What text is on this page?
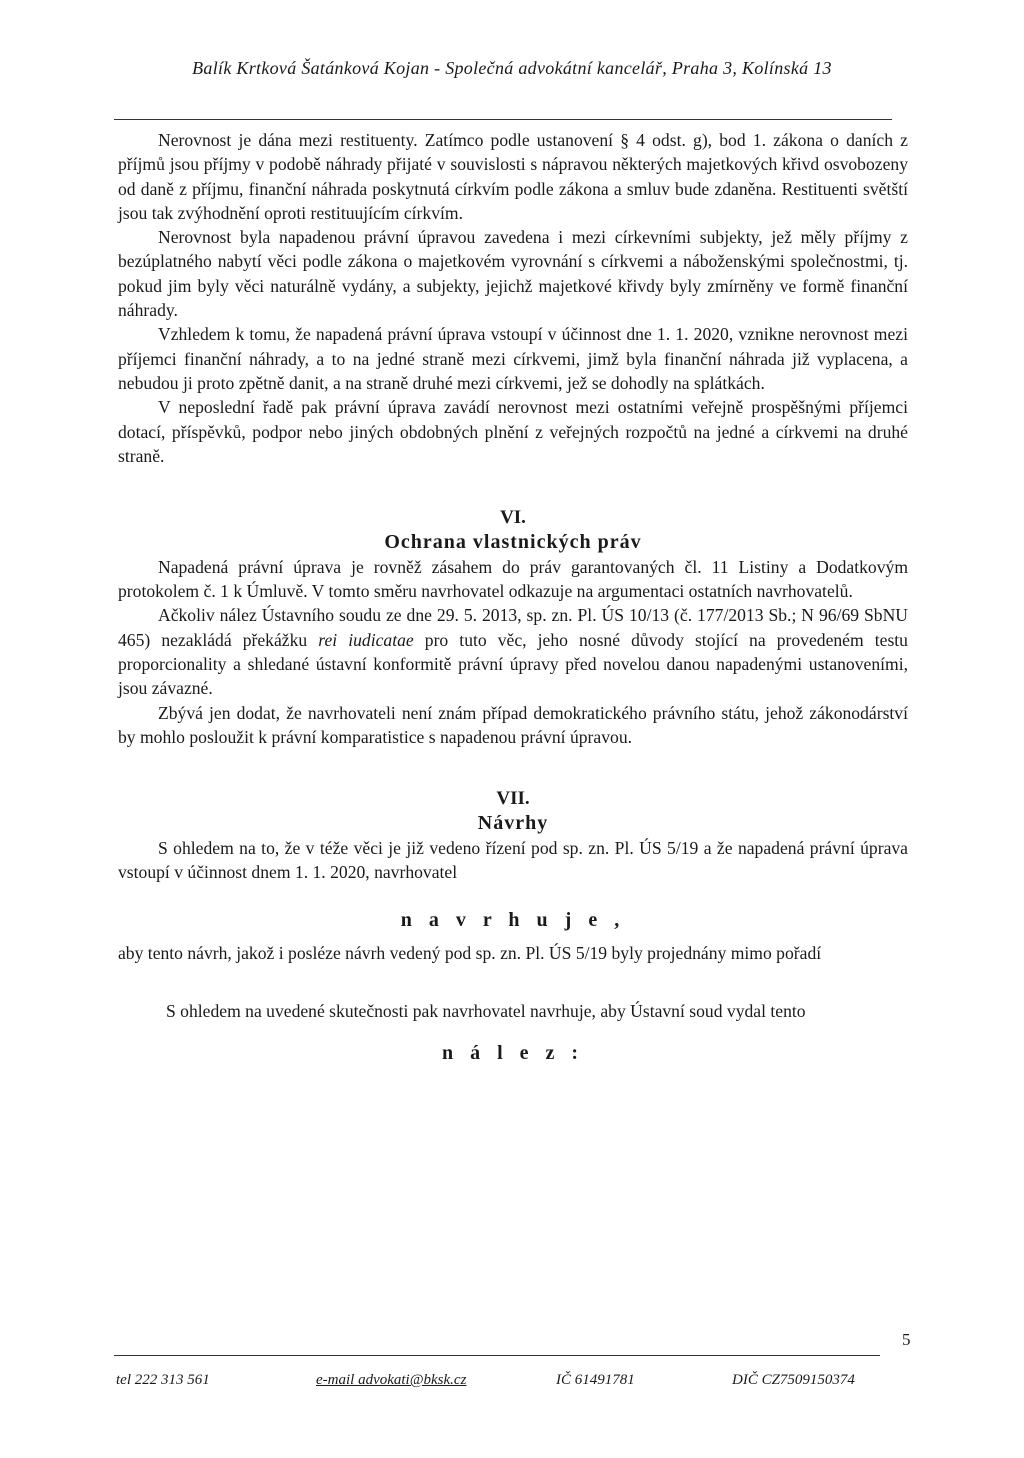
Balík Krtková Šatánková Kojan - Společná advokátní kancelář, Praha 3, Kolínská 13

Nerovnost je dána mezi restituenty. Zatímco podle ustanovení § 4 odst. g), bod 1. zákona o daních z příjmů jsou příjmy v podobě náhrady přijaté v souvislosti s nápravou některých majetkových křivd osvobozeny od daně z příjmu, finanční náhrada poskytnutá církvím podle zákona a smluv bude zdaněna. Restituenti světští jsou tak zvýhodnění oproti restituujícím církvím.

Nerovnost byla napadenou právní úpravou zavedena i mezi církevními subjekty, jež měly příjmy z bezúplatného nabytí věci podle zákona o majetkovém vyrovnání s církvemi a náboženskými společnostmi, tj. pokud jim byly věci naturálně vydány, a subjekty, jejichž majetkové křivdy byly zmírněny ve formě finanční náhrady.

Vzhledem k tomu, že napadená právní úprava vstoupí v účinnost dne 1. 1. 2020, vznikne nerovnost mezi příjemci finanční náhrady, a to na jedné straně mezi církvemi, jimž byla finanční náhrada již vyplacena, a nebudou ji proto zpětně danit, a na straně druhé mezi církvemi, jež se dohodly na splátkách.

V neposlední řadě pak právní úprava zavádí nerovnost mezi ostatními veřejně prospěšnými příjemci dotací, příspěvků, podpor nebo jiných obdobných plnění z veřejných rozpočtů na jedné a církvemi na druhé straně.

VI.
Ochrana vlastnických práv

Napadená právní úprava je rovněž zásahem do práv garantovaných čl. 11 Listiny a Dodatkovým protokolem č. 1 k Úmluvě. V tomto směru navrhovatel odkazuje na argumentaci ostatních navrhovatelů.

Ačkoliv nález Ústavního soudu ze dne 29. 5. 2013, sp. zn. Pl. ÚS 10/13 (č. 177/2013 Sb.; N 96/69 SbNU 465) nezakládá překážku rei iudicatae pro tuto věc, jeho nosné důvody stojící na provedeném testu proporcionality a shledané ústavní konformitě právní úpravy před novelou danou napadenými ustanoveními, jsou závazné.

Zbývá jen dodat, že navrhovateli není znám případ demokratického právního státu, jehož zákonodárství by mohlo posloužit k právní komparatistice s napadenou právní úpravou.

VII.
Návrhy

S ohledem na to, že v téže věci je již vedeno řízení pod sp. zn. Pl. ÚS 5/19 a že napadená právní úprava vstoupí v účinnost dnem 1. 1. 2020, navrhovatel

n a v r h u j e ,

aby tento návrh, jakož i posléze návrh vedený pod sp. zn. Pl. ÚS 5/19 byly projednány mimo pořadí

S ohledem na uvedené skutečnosti pak navrhovatel navrhuje, aby Ústavní soud vydal tento

n á l e z :
5
tel 222 313 561	e-mail advokati@bksk.cz	IČ 61491781	DIČ CZ7509150374
